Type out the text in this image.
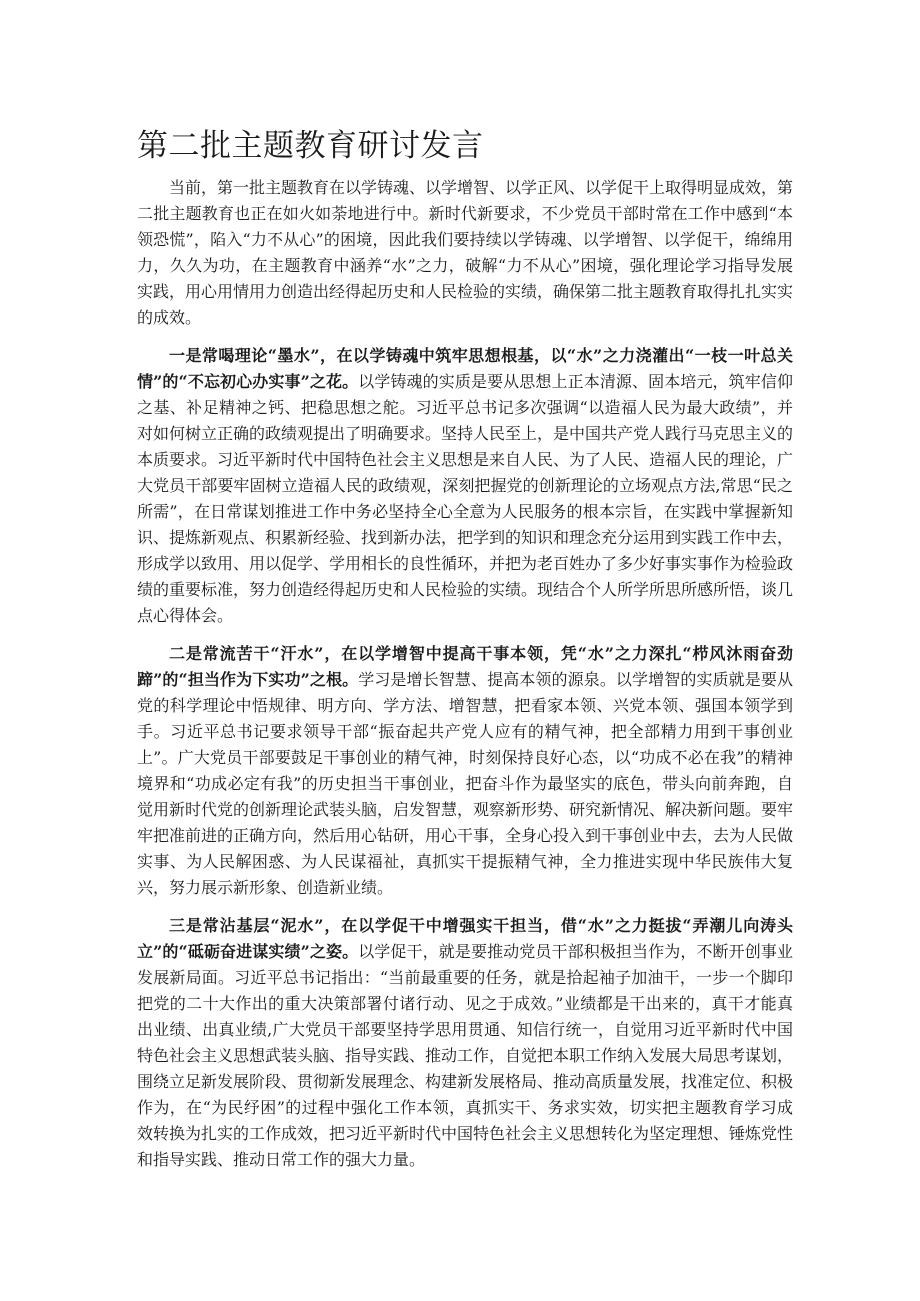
第二批主题教育研讨发言

当前，第一批主题教育在以学铸魂、以学增智、以学正风、以学促干上取得明显成效，第二批主题教育也正在如火如荼地进行中。新时代新要求，不少党员干部时常在工作中感到“本领恐慌”，陷入“力不从心”的困境，因此我们要持续以学铸魂、以学增智、以学促干，绵绵用力，久久为功，在主题教育中涵养“水”之力，破解“力不从心”困境，强化理论学习指导发展实践，用心用情用力创造出经得起历史和人民检验的实绩，确保第二批主题教育取得扎扎实实的成效。

一是常喝理论“墨水”，在以学铸魂中筑牢思想根基，以“水”之力浇灌出“一枝一叶总关情”的“不忘初心办实事”之花。以学铸魂的实质是要从思想上正本清源、固本培元，筑牢信仰之基、补足精神之钙、把稳思想之舵。习近平总书记多次强调“以造福人民为最大政绩”，并对如何树立正确的政绩观提出了明确要求。坚持人民至上，是中国共产党人践行马克思主义的本质要求。习近平新时代中国特色社会主义思想是来自人民、为了人民、造福人民的理论，广大党员干部要牢固树立造福人民的政绩观，深刻把握党的创新理论的立场观点方法,常思“民之所需”，在日常谋划推进工作中务必坚持全心全意为人民服务的根本宗旨，在实践中掌握新知识、提炼新观点、积累新经验、找到新办法，把学到的知识和理念充分运用到实践工作中去，形成学以致用、用以促学、学用相长的良性循环，并把为老百姓办了多少好事实事作为检验政绩的重要标准，努力创造经得起历史和人民检验的实绩。现结合个人所学所思所感所悟，谈几点心得体会。

二是常流苦干“汗水”，在以学增智中提高干事本领，凭“水”之力深扎“栉风沐雨奋劲蹄”的“担当作为下实功”之根。学习是增长智慧、提高本领的源泉。以学增智的实质就是要从党的科学理论中悟规律、明方向、学方法、增智慧，把看家本领、兴党本领、强国本领学到手。习近平总书记要求领导干部“振奋起共产党人应有的精气神，把全部精力用到干事创业上”。广大党员干部要鼓足干事创业的精气神，时刻保持良好心态，以“功成不必在我”的精神境界和“功成必定有我”的历史担当干事创业，把奋斗作为最坚实的底色，带头向前奔跑，自觉用新时代党的创新理论武装头脑，启发智慧，观察新形势、研究新情况、解决新问题。要牢牢把准前进的正确方向，然后用心钻研，用心干事，全身心投入到干事创业中去，去为人民做实事、为人民解困惑、为人民谋福祉，真抓实干提振精气神，全力推进实现中华民族伟大复兴，努力展示新形象、创造新业绩。

三是常沾基层“泥水”，在以学促干中增强实干担当，借“水”之力挺拔“弄潮儿向涛头立”的“砥砺奋进谋实绩”之姿。以学促干，就是要推动党员干部积极担当作为，不断开创事业发展新局面。习近平总书记指出：“当前最重要的任务，就是拾起袖子加油干，一步一个脚印把党的二十大作出的重大决策部署付诸行动、见之于成效。”业绩都是干出来的，真干才能真出业绩、出真业绩,广大党员干部要坚持学思用贯通、知信行统一，自觉用习近平新时代中国特色社会主义思想武装头脑、指导实践、推动工作，自觉把本职工作纳入发展大局思考谋划，围绕立足新发展阶段、贯彻新发展理念、构建新发展格局、推动高质量发展，找准定位、积极作为，在“为民纾困”的过程中强化工作本领，真抓实干、务求实效，切实把主题教育学习成效转换为扎实的工作成效，把习近平新时代中国特色社会主义思想转化为坚定理想、锤炼党性和指导实践、推动日常工作的强大力量。
